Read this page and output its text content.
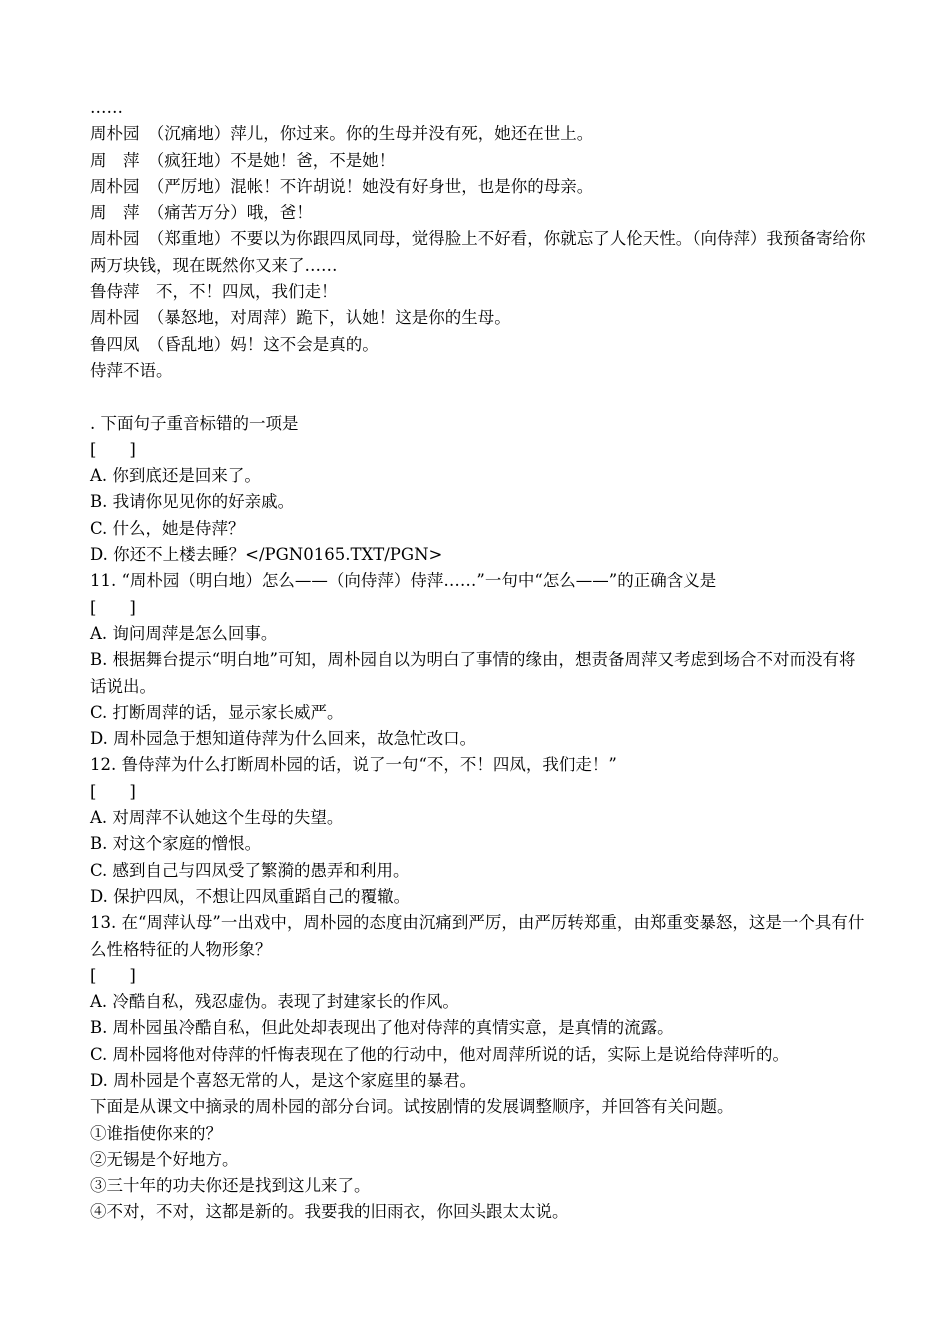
……
周朴园　（沉痛地）萍儿，你过来。你的生母并没有死，她还在世上。
周　萍　（疯狂地）不是她！爸，不是她！
周朴园　（严厉地）混帐！不许胡说！她没有好身世，也是你的母亲。
周　萍　（痛苦万分）哦，爸！
周朴园　（郑重地）不要以为你跟四凤同母，觉得脸上不好看，你就忘了人伦天性。（向侍萍）我预备寄给你两万块钱，现在既然你又来了……
鲁侍萍　不，不！四凤，我们走！
周朴园　（暴怒地，对周萍）跪下，认她！这是你的生母。
鲁四凤　（昏乱地）妈！这不会是真的。
侍萍不语。
. 下面句子重音标错的一项是
[　　]
A. 你到底还是回来了。
B. 我请你见见你的好亲戚。
C. 什么，她是侍萍？
D. 你还不上楼去睡？</PGN0165.TXT/PGN>
11. “周朴园（明白地）怎么——（向侍萍）侍萍……”一句中“怎么——”的正确含义是
[　　]
A. 询问周萍是怎么回事。
B. 根据舞台提示“明白地”可知，周朴园自以为明白了事情的缘由，想责备周萍又考虑到场合不对而没有将话说出。
C. 打断周萍的话，显示家长威严。
D. 周朴园急于想知道侍萍为什么回来，故急忙改口。
12. 鲁侍萍为什么打断周朴园的话，说了一句“不，不！四凤，我们走！”
[　　]
A. 对周萍不认她这个生母的失望。
B. 对这个家庭的憎恨。
C. 感到自己与四凤受了繁漪的愚弄和利用。
D. 保护四凤，不想让四凤重蹈自己的覆辙。
13. 在“周萍认母”一出戏中，周朴园的态度由沉痛到严厉，由严厉转郑重，由郑重变暴怒，这是一个具有什么性格特征的人物形象？
[　　]
A. 冷酷自私，残忍虚伪。表现了封建家长的作风。
B. 周朴园虽冷酷自私，但此处却表现出了他对侍萍的真情实意，是真情的流露。
C. 周朴园将他对侍萍的忏悔表现在了他的行动中，他对周萍所说的话，实际上是说给侍萍听的。
D. 周朴园是个喜怒无常的人，是这个家庭里的暴君。
下面是从课文中摘录的周朴园的部分台词。试按剧情的发展调整顺序，并回答有关问题。
①谁指使你来的？
②无锡是个好地方。
③三十年的功夫你还是找到这儿来了。
④不对，不对，这都是新的。我要我的旧雨衣，你回头跟太太说。
